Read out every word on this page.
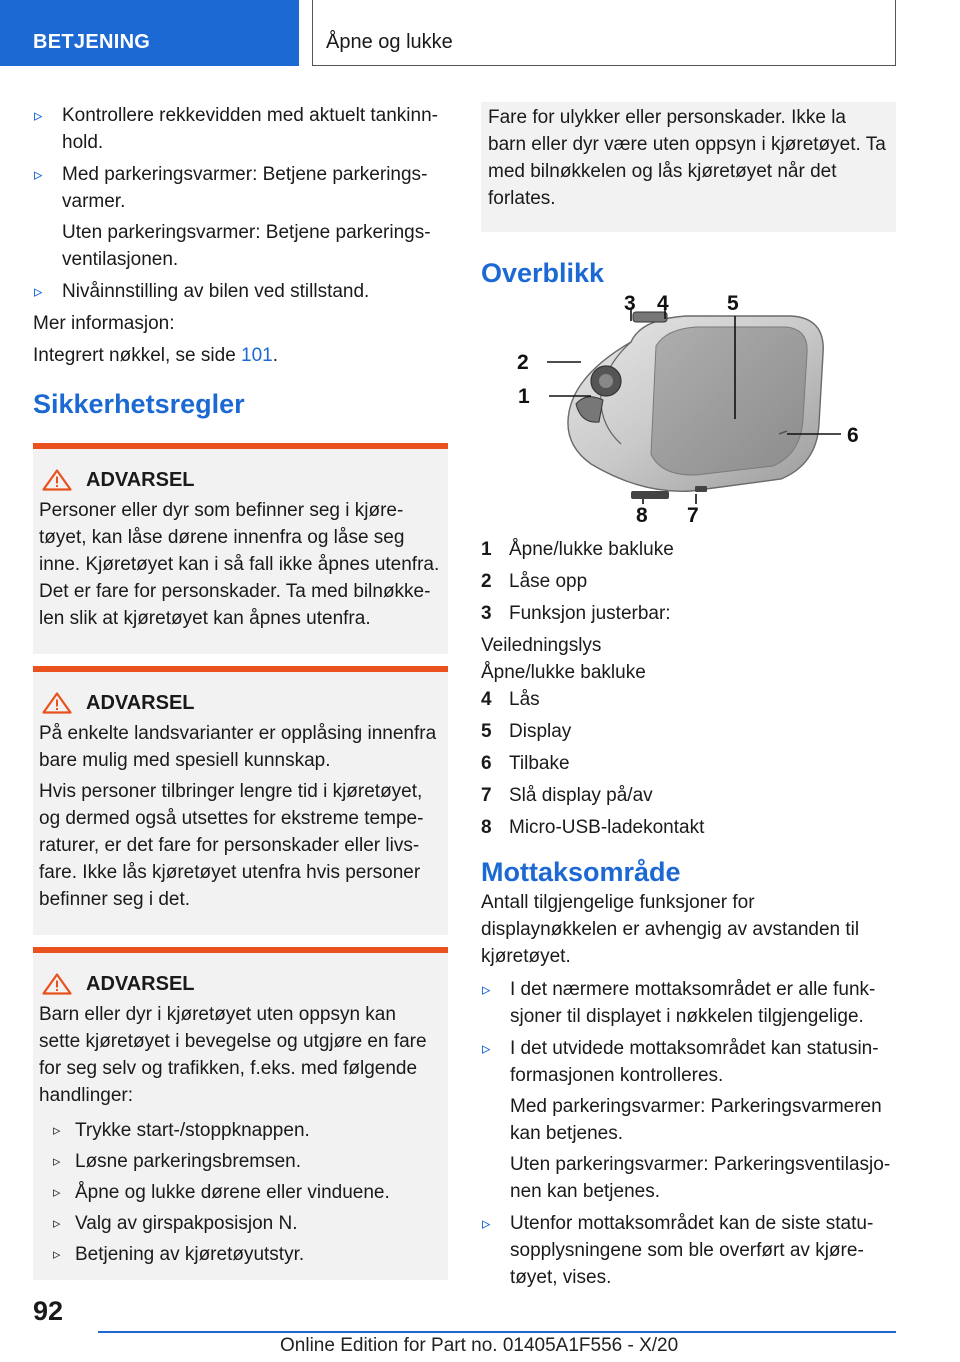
BETJENING	Åpne og lukke
▹ Kontrollere rekkevidden med aktuelt tankinnhold.
▹ Med parkeringsvarmer: Betjene parkeringsvarmer.

Uten parkeringsvarmer: Betjene parkeringsventilasjonen.

▹ Nivåinnstilling av bilen ved stillstand.

Mer informasjon:

Integrert nøkkel, se side 101.

Sikkerhetsregler
ADVARSEL

Personer eller dyr som befinner seg i kjøretøyet, kan låse dørene innenfra og låse seg inne. Kjøretøyet kan i så fall ikke åpnes utenfra. Det er fare for personskader. Ta med bilnøkkelen slik at kjøretøyet kan åpnes utenfra.

ADVARSEL

På enkelte landsvarianter er opplåsing innenfra bare mulig med spesiell kunnskap.

Hvis personer tilbringer lengre tid i kjøretøyet, og dermed også utsettes for ekstreme temperaturer, er det fare for personskader eller livsfare. Ikke lås kjøretøyet utenfra hvis personer befinner seg i det.

ADVARSEL

Barn eller dyr i kjøretøyet uten oppsyn kan sette kjøretøyet i bevegelse og utgjøre en fare for seg selv og trafikken, f.eks. med følgende handlinger:

▹ Trykke start-/stoppknappen.
▹ Løsne parkeringsbremsen.
▹ Åpne og lukke dørene eller vinduene.
▹ Valg av girspakposisjon N.
▹ Betjening av kjøretøyutstyr.

Fare for ulykker eller personskader. Ikke la barn eller dyr være uten oppsyn i kjøretøyet. Ta med bilnøkkelen og lås kjøretøyet når det forlates.

Overblikk
1
2
3 4	5
6
7
8
1 Åpne/lukke bakluke
2 Låse opp
3 Funksjon justerbar:

Veiledningslys

Åpne/lukke bakluke

4 Lås
5 Display
6 Tilbake
7 Slå display på/av
8 Micro-USB-ladekontakt
Mottaksområde

Antall tilgjengelige funksjoner for displaynøkkelen er avhengig av avstanden til kjøretøyet.

▹ I det nærmere mottaksområdet er alle funksjoner til displayet i nøkkelen tilgjengelige.
▹ I det utvidede mottaksområdet kan statusinformasjonen kontrolleres.

Med parkeringsvarmer: Parkeringsvarmeren kan betjenes.

Uten parkeringsvarmer: Parkeringsventilasjonen kan betjenes.

▹ Utenfor mottaksområdet kan de siste statusopplysningene som ble overført av kjøretøyet, vises.
92
Online Edition for Part no. 01405A1F556 - X/20
